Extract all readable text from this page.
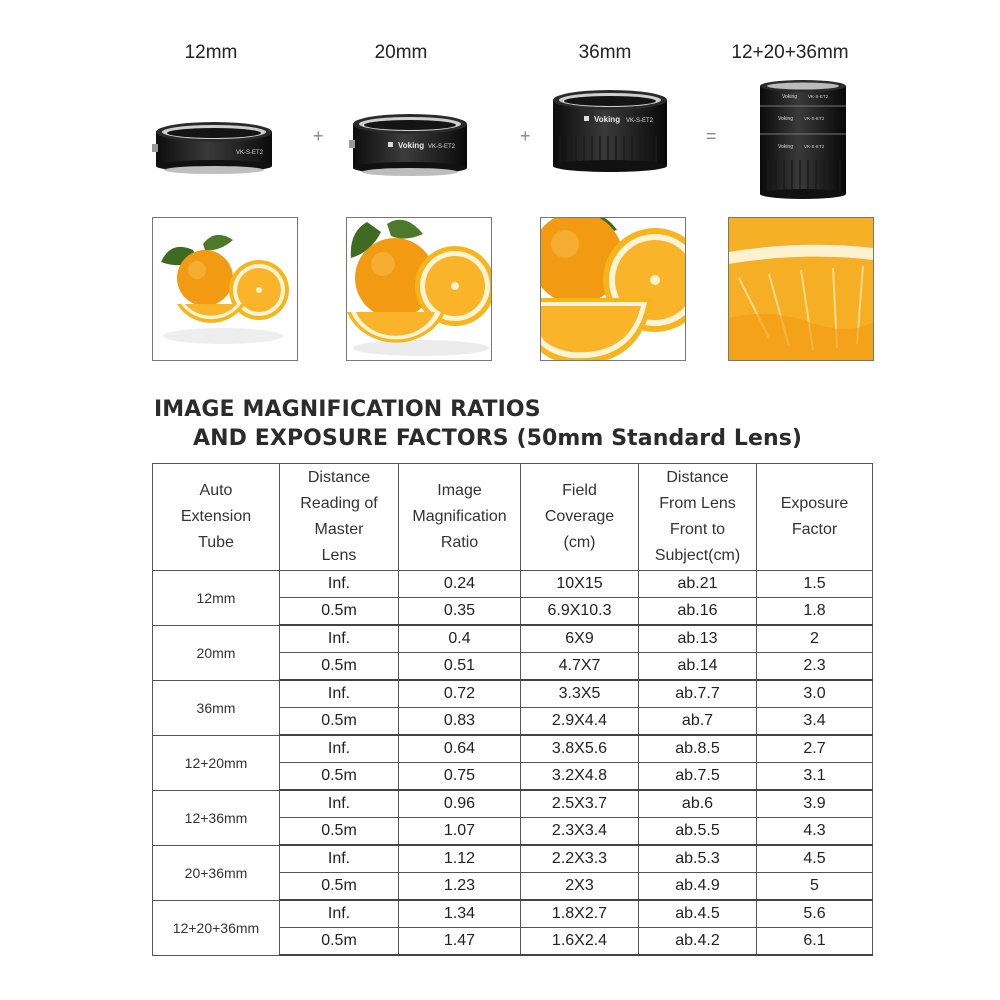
12mm	20mm	36mm	12+20+36mm
+	+	=
VK-S-ET2
Voking VK-S-ET2
Voking VK-S-ET2
Voking VK-S-ET2
Voking VK-S-ET2
Voking VK-S-ET2
IMAGE MAGNIFICATION RATIOS
AND EXPOSURE FACTORS (50mm Standard Lens)
Auto
Extension
Tube	Distance
Reading of
Master
Lens	Image
Magnification
Ratio	Field
Coverage
(cm)	Distance
From Lens
Front to
Subject(cm)	Exposure
Factor
12mm	Inf.	0.24	10X15	ab.21	1.5
	0.5m	0.35	6.9X10.3	ab.16	1.8
20mm	Inf.	0.4	6X9	ab.13	2
	0.5m	0.51	4.7X7	ab.14	2.3
36mm	Inf.	0.72	3.3X5	ab.7.7	3.0
	0.5m	0.83	2.9X4.4	ab.7	3.4
12+20mm	Inf.	0.64	3.8X5.6	ab.8.5	2.7
	0.5m	0.75	3.2X4.8	ab.7.5	3.1
12+36mm	Inf.	0.96	2.5X3.7	ab.6	3.9
	0.5m	1.07	2.3X3.4	ab.5.5	4.3
20+36mm	Inf.	1.12	2.2X3.3	ab.5.3	4.5
	0.5m	1.23	2X3	ab.4.9	5
12+20+36mm	Inf.	1.34	1.8X2.7	ab.4.5	5.6
	0.5m	1.47	1.6X2.4	ab.4.2	6.1
